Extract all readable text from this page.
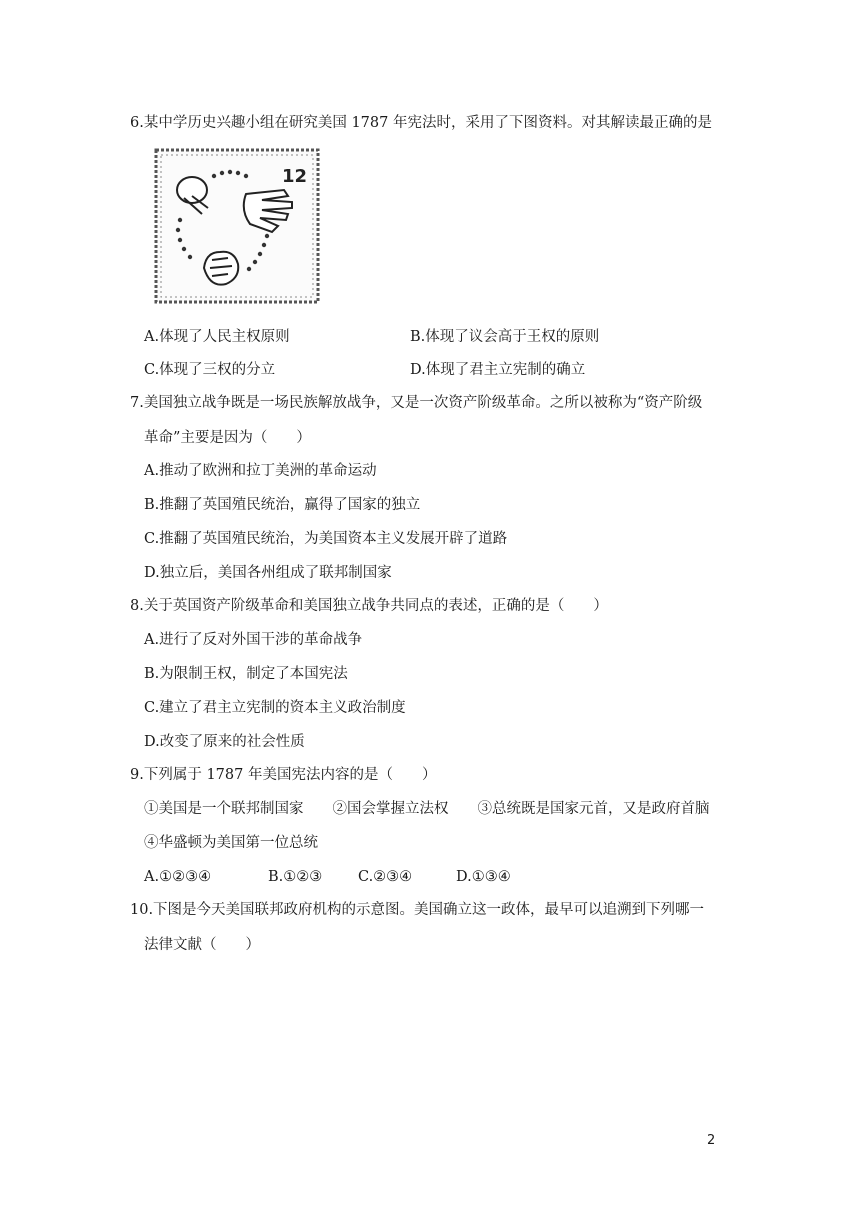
6.某中学历史兴趣小组在研究美国 1787 年宪法时，采用了下图资料。对其解读最正确的是
12
A.体现了人民主权原则	B.体现了议会高于王权的原则
C.体现了三权的分立	D.体现了君主立宪制的确立
7.美国独立战争既是一场民族解放战争，又是一次资产阶级革命。之所以被称为“资产阶级
革命”主要是因为（　　）
A.推动了欧洲和拉丁美洲的革命运动
B.推翻了英国殖民统治，赢得了国家的独立
C.推翻了英国殖民统治，为美国资本主义发展开辟了道路
D.独立后，美国各州组成了联邦制国家
8.关于英国资产阶级革命和美国独立战争共同点的表述，正确的是（　　）
A.进行了反对外国干涉的革命战争
B.为限制王权，制定了本国宪法
C.建立了君主立宪制的资本主义政治制度
D.改变了原来的社会性质
9.下列属于 1787 年美国宪法内容的是（　　）
①美国是一个联邦制国家　　②国会掌握立法权　　③总统既是国家元首，又是政府首脑
④华盛顿为美国第一位总统
A.①②③④	B.①②③ C.②③④	D.①③④
10.下图是今天美国联邦政府机构的示意图。美国确立这一政体，最早可以追溯到下列哪一
法律文献（　　）
2
